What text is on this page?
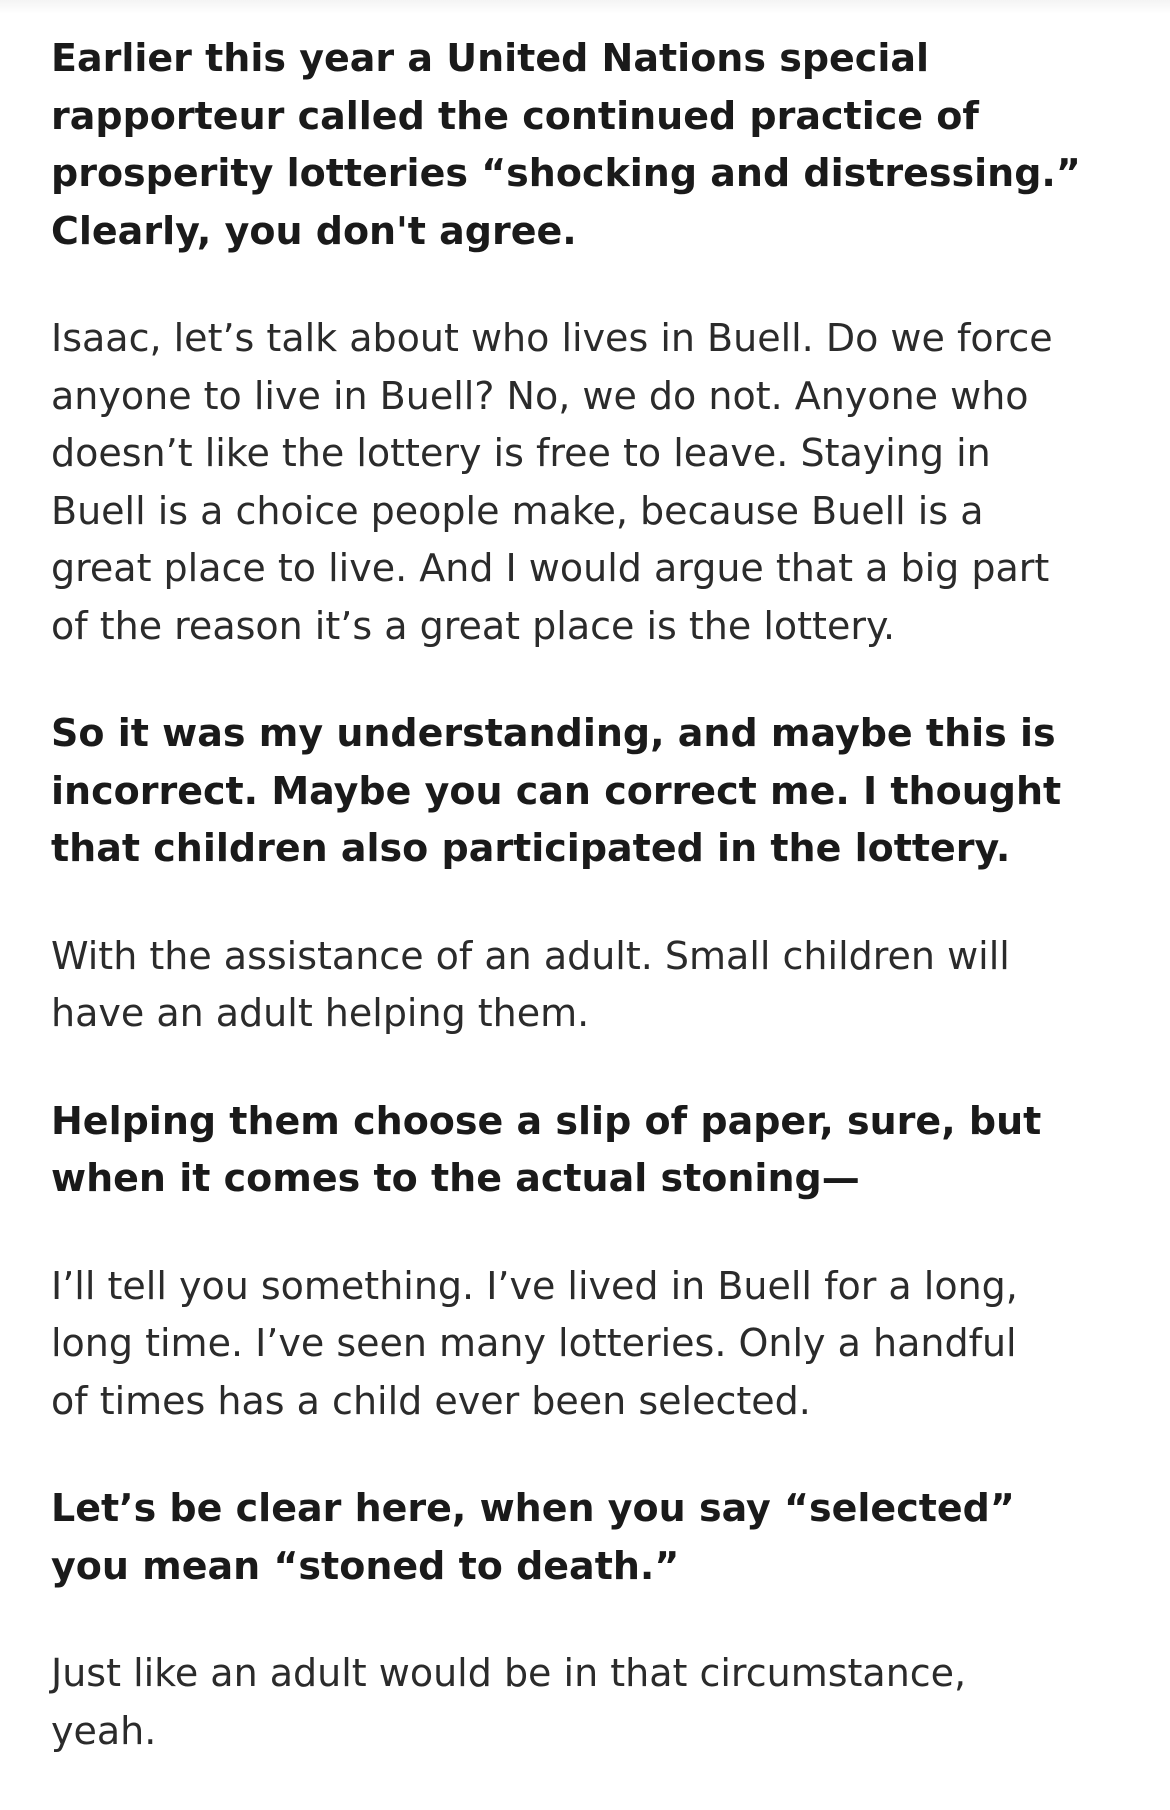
Earlier this year a United Nations special
rapporteur called the continued practice of
prosperity lotteries “shocking and distressing.”
Clearly, you don't agree.

Isaac, let’s talk about who lives in Buell. Do we force
anyone to live in Buell? No, we do not. Anyone who
doesn’t like the lottery is free to leave. Staying in
Buell is a choice people make, because Buell is a
great place to live. And I would argue that a big part
of the reason it’s a great place is the lottery.

So it was my understanding, and maybe this is
incorrect. Maybe you can correct me. I thought
that children also participated in the lottery.

With the assistance of an adult. Small children will
have an adult helping them.

Helping them choose a slip of paper, sure, but
when it comes to the actual stoning—

I’ll tell you something. I’ve lived in Buell for a long,
long time. I’ve seen many lotteries. Only a handful
of times has a child ever been selected.

Let’s be clear here, when you say “selected”
you mean “stoned to death.”

Just like an adult would be in that circumstance,
yeah.
